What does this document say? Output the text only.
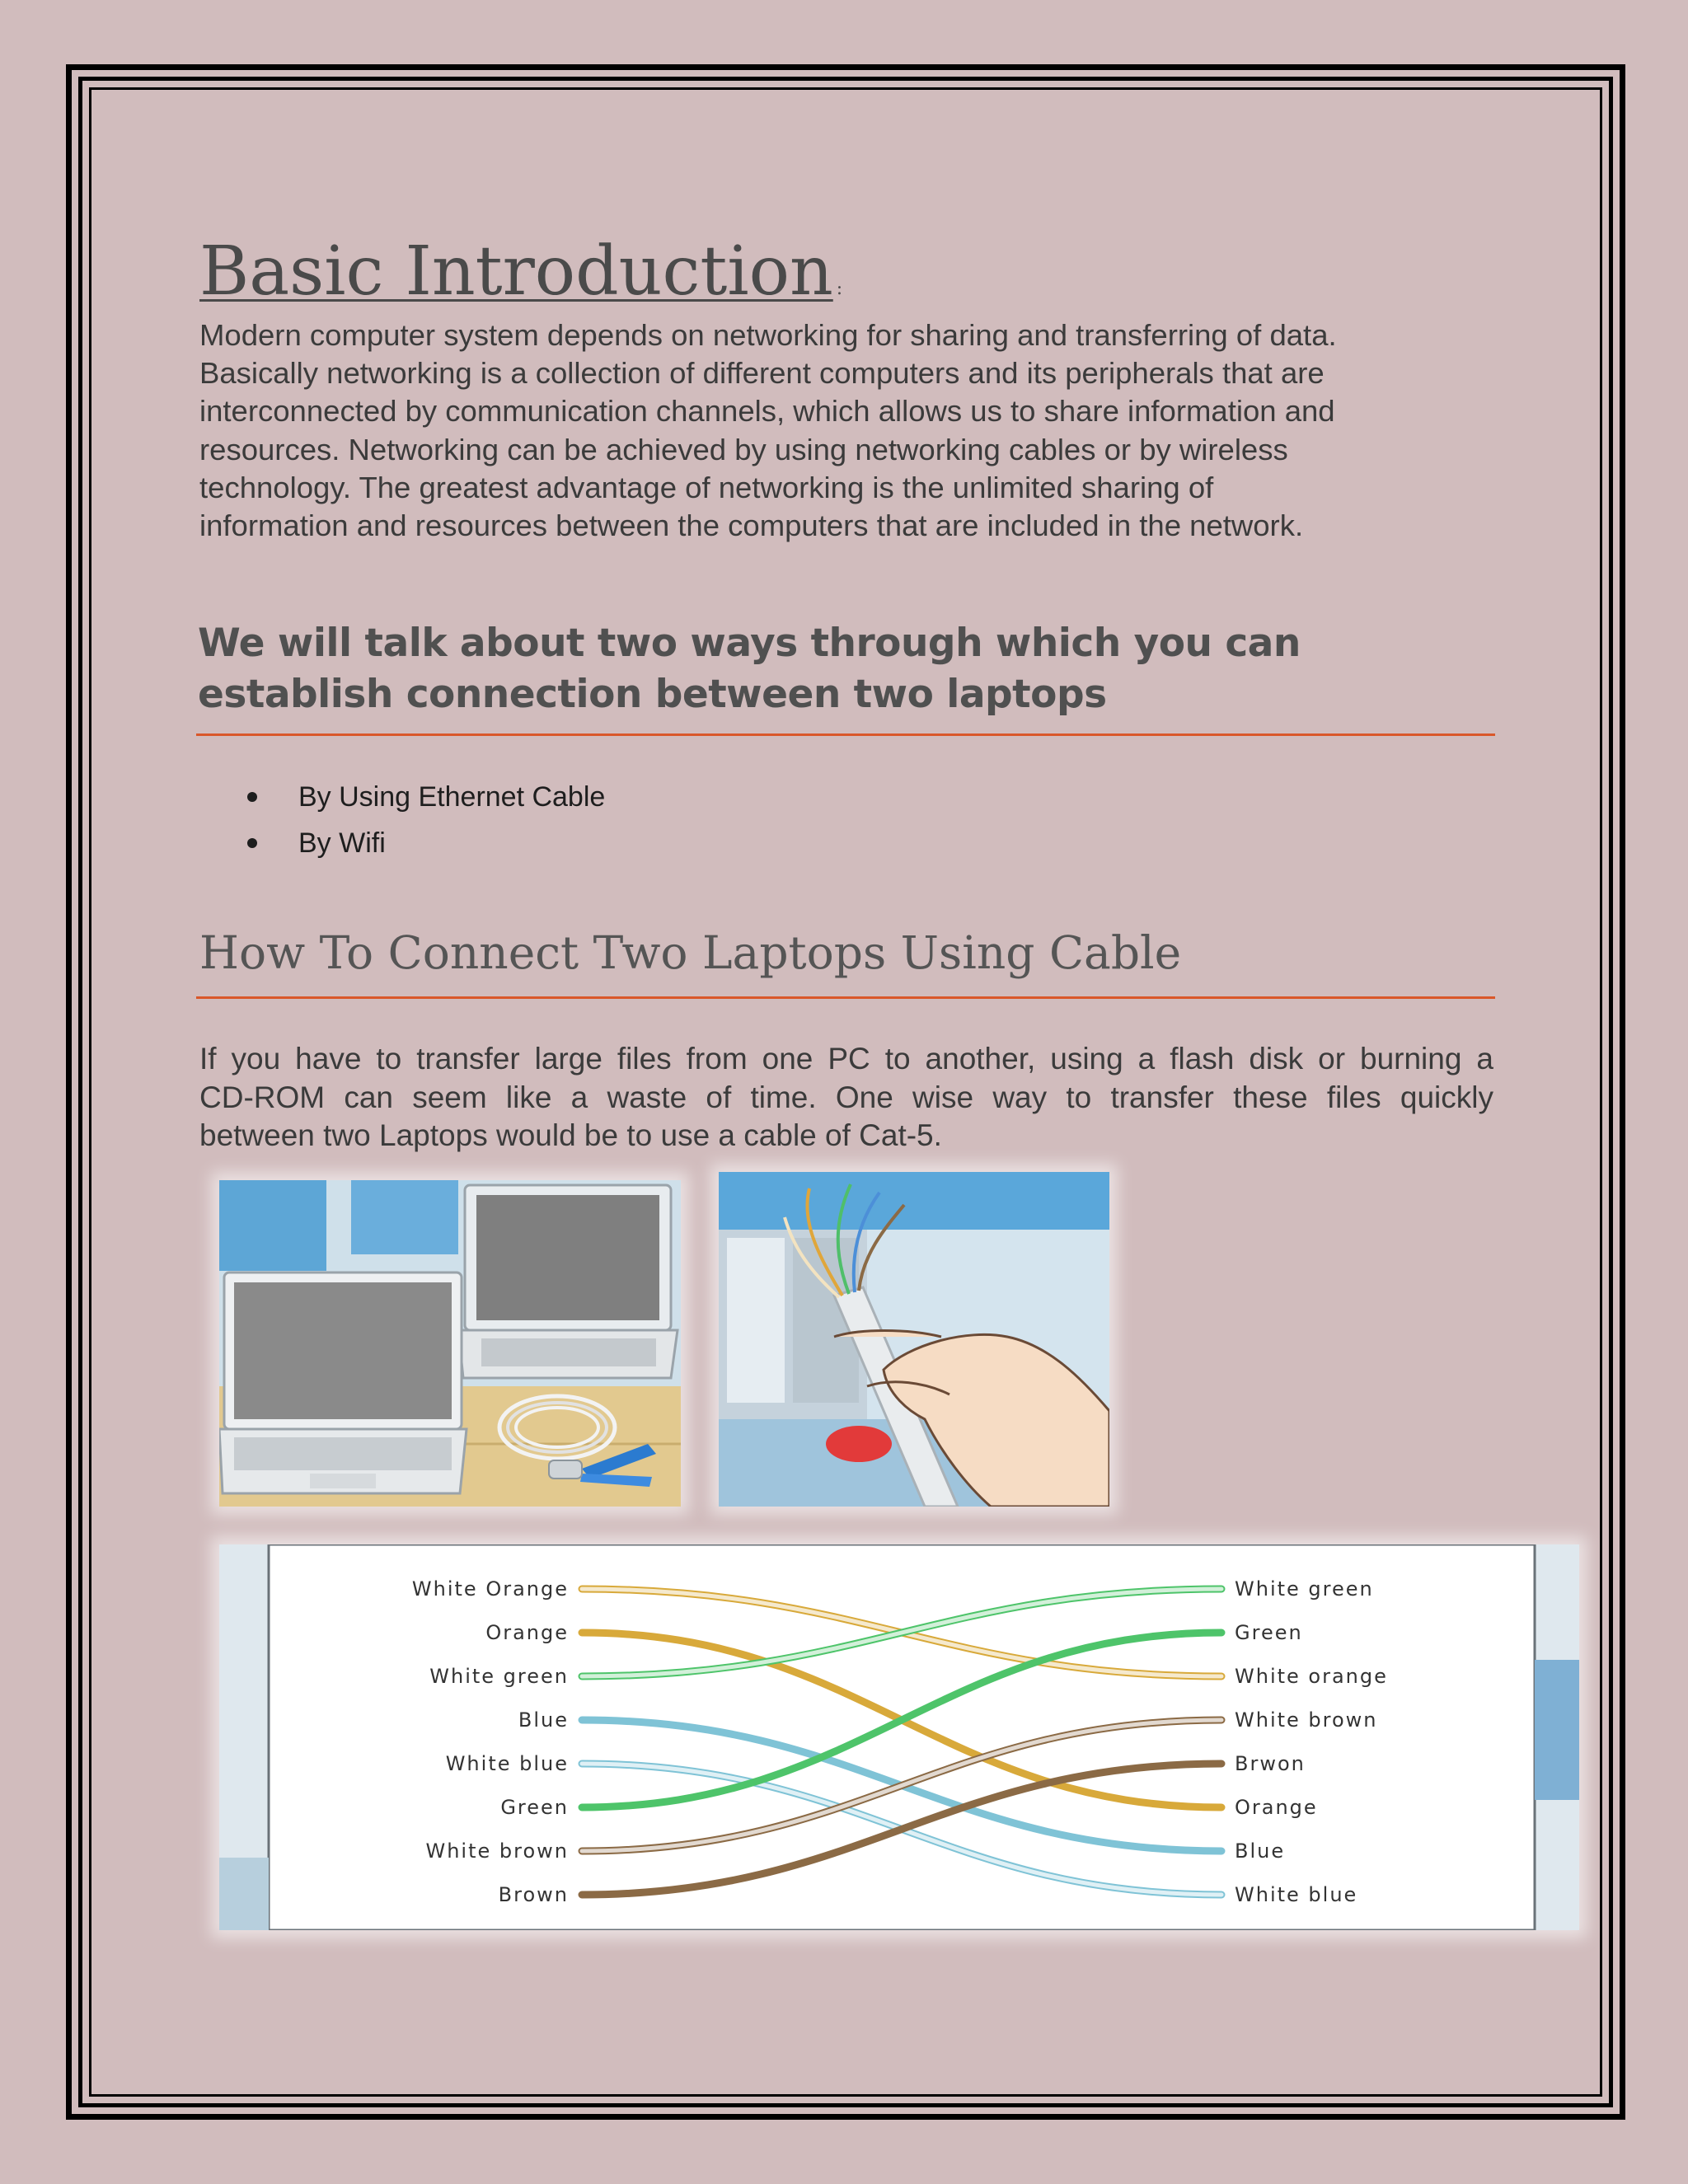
Basic Introduction :

Modern computer system depends on networking for sharing and transferring of data.
Basically networking is a collection of different computers and its peripherals that are
interconnected by communication channels, which allows us to share information and
resources. Networking can be achieved by using networking cables or by wireless
technology. The greatest advantage of networking is the unlimited sharing of
information and resources between the computers that are included in the network.

We will talk about two ways through which you can establish connection between two laptops
By Using Ethernet Cable
By Wifi
How To Connect Two Laptops Using Cable

If you have to transfer large files from one PC to another, using a flash disk or burning a
CD-ROM can seem like a waste of time. One wise way to transfer these files quickly
between two Laptops would be to use a cable of Cat-5.

White Orange
Orange
White green
Blue
White blue
Green
White brown
Brown
White green
Green
White orange
White brown
Brwon
Orange
Blue
White blue
